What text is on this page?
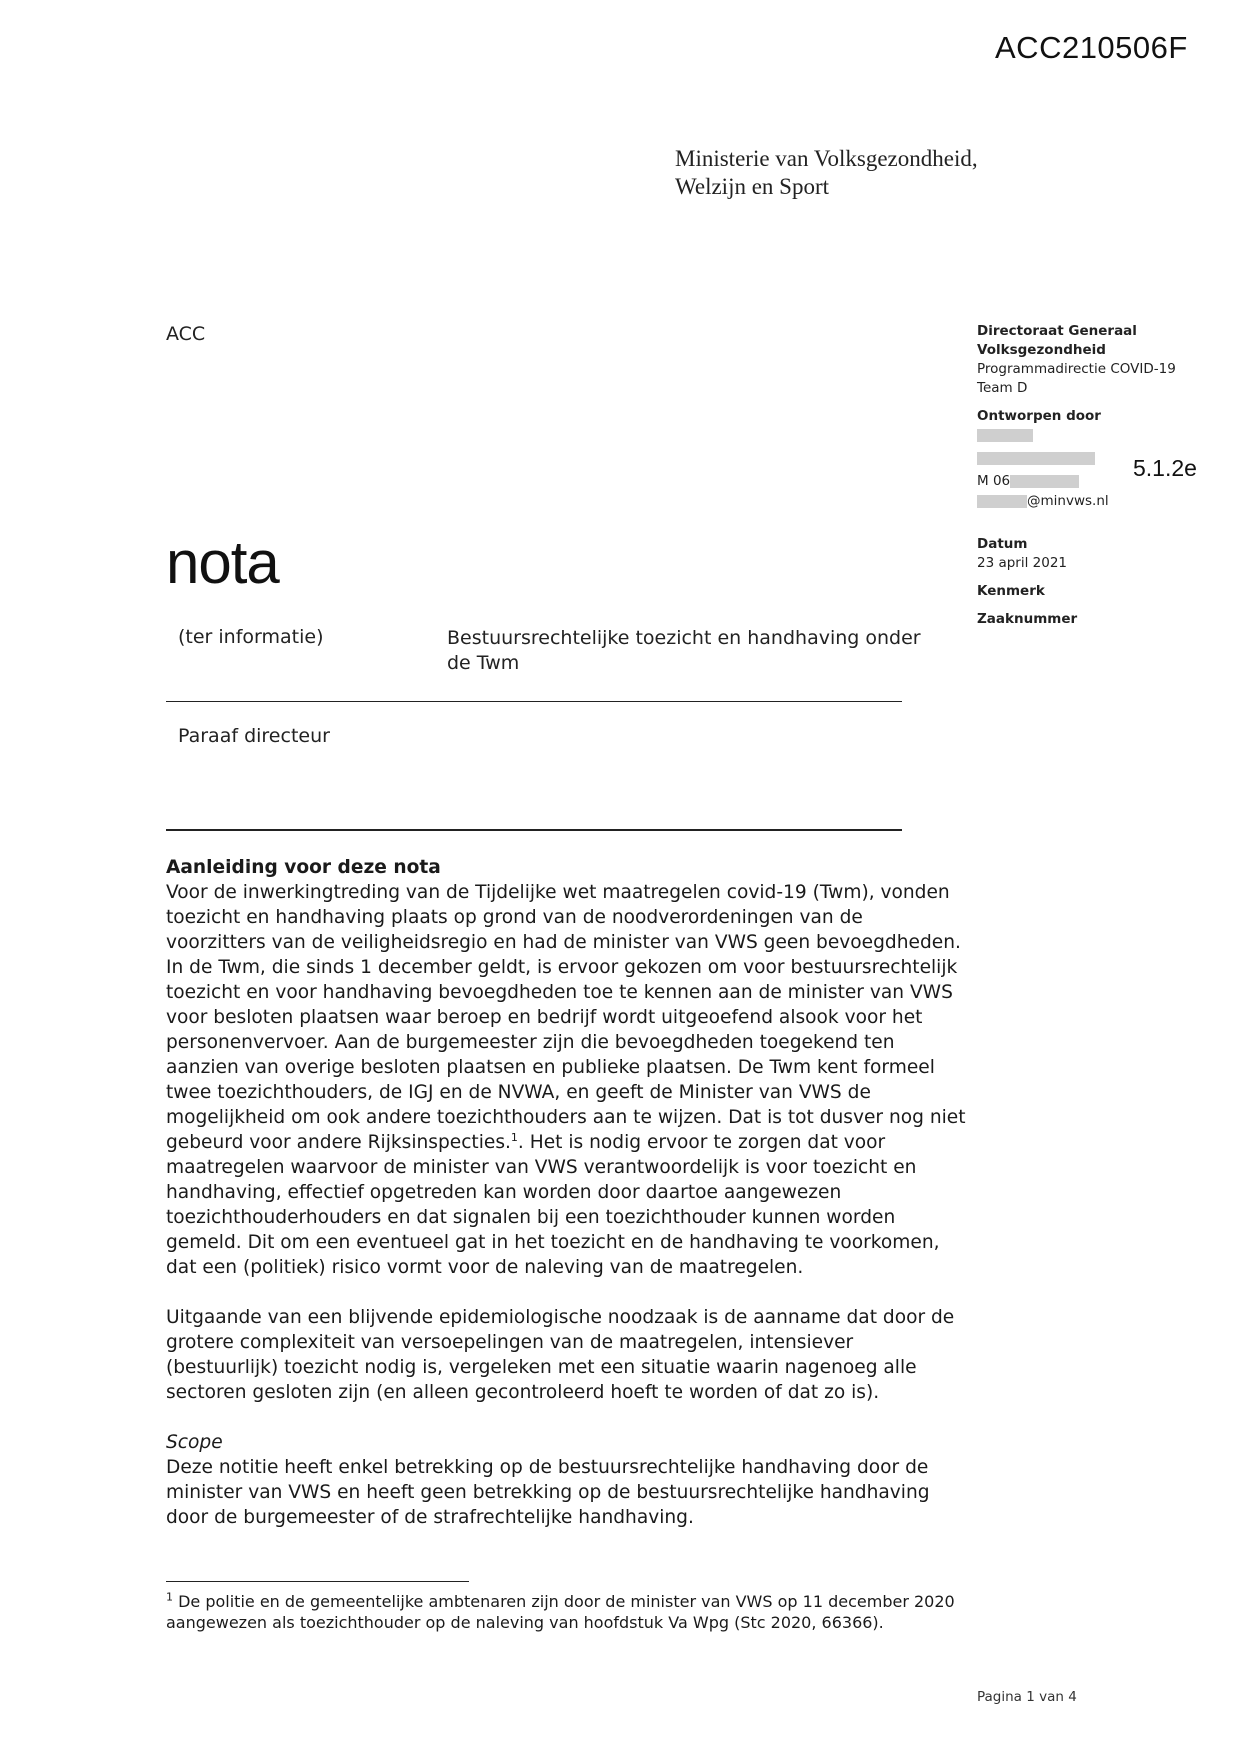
ACC210506F
Ministerie van Volksgezondheid,
Welzijn en Sport
ACC	Directoraat Generaal
Volksgezondheid
Programmadirectie COVID-19
Team D
Ontworpen door
M 06
@minvws.nl
Datum
23 april 2021
Kenmerk
Zaaknummer
5.1.2e
nota
(ter informatie)	Bestuursrechtelijke toezicht en handhaving onder de Twm
Paraaf directeur

Aanleiding voor deze nota

Voor de inwerkingtreding van de Tijdelijke wet maatregelen covid-19 (Twm), vonden toezicht en handhaving plaats op grond van de noodverordeningen van de voorzitters van de veiligheidsregio en had de minister van VWS geen bevoegdheden. In de Twm, die sinds 1 december geldt, is ervoor gekozen om voor bestuursrechtelijk toezicht en voor handhaving bevoegdheden toe te kennen aan de minister van VWS voor besloten plaatsen waar beroep en bedrijf wordt uitgeoefend alsook voor het personenvervoer. Aan de burgemeester zijn die bevoegdheden toegekend ten aanzien van overige besloten plaatsen en publieke plaatsen. De Twm kent formeel twee toezichthouders, de IGJ en de NVWA, en geeft de Minister van VWS de mogelijkheid om ook andere toezichthouders aan te wijzen. Dat is tot dusver nog niet gebeurd voor andere Rijksinspecties.$^1$. Het is nodig ervoor te zorgen dat voor maatregelen waarvoor de minister van VWS verantwoordelijk is voor toezicht en handhaving, effectief opgetreden kan worden door daartoe aangewezen toezichthouderhouders en dat signalen bij een toezichthouder kunnen worden gemeld. Dit om een eventueel gat in het toezicht en de handhaving te voorkomen, dat een (politiek) risico vormt voor de naleving van de maatregelen.

Uitgaande van een blijvende epidemiologische noodzaak is de aanname dat door de grotere complexiteit van versoepelingen van de maatregelen, intensiever (bestuurlijk) toezicht nodig is, vergeleken met een situatie waarin nagenoeg alle sectoren gesloten zijn (en alleen gecontroleerd hoeft te worden of dat zo is).

Scope

Deze notitie heeft enkel betrekking op de bestuursrechtelijke handhaving door de minister van VWS en heeft geen betrekking op de bestuursrechtelijke handhaving door de burgemeester of de strafrechtelijke handhaving.

$^1$ De politie en de gemeentelijke ambtenaren zijn door de minister van VWS op 11 december 2020 aangewezen als toezichthouder op de naleving van hoofdstuk Va Wpg (Stc 2020, 66366).
Pagina 1 van 4
